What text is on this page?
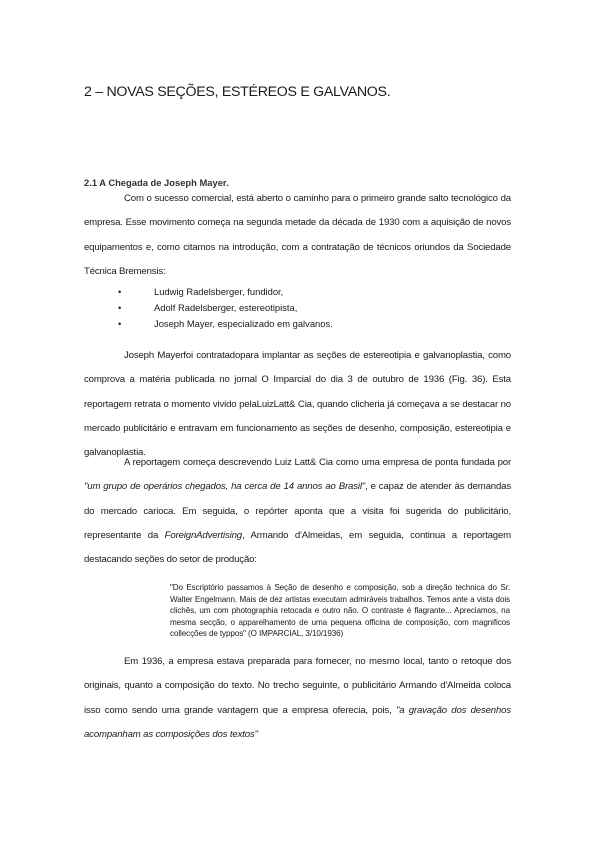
2 – NOVAS SEÇÕES, ESTÉREOS E GALVANOS.
2.1 A Chegada de Joseph Mayer.
Com o sucesso comercial, está aberto o caminho para o primeiro grande salto tecnológico da empresa. Esse movimento começa na segunda metade da década de 1930 com a aquisição de novos equipamentos e, como citamos na introdução, com a contratação de técnicos oriundos da Sociedade Técnica Bremensis:
•	Ludwig Radelsberger, fundidor,
•	Adolf Radelsberger, estereotipista,
•	Joseph Mayer, especializado em galvanos.
Joseph Mayerfoi contratadopara implantar as seções de estereotipia e galvanoplastia, como comprova a matéria publicada no jornal O Imparcial do dia 3 de outubro de 1936 (Fig. 36). Esta reportagem retrata o momento vivido pelaLuizLatt& Cia, quando clicheria já começava a se destacar no mercado publicitário e entravam em funcionamento as seções de desenho, composição, estereotipia e galvanoplastia.
A reportagem começa descrevendo Luiz Latt& Cia como uma empresa de ponta fundada por "um grupo de operários chegados, ha cerca de 14 annos ao Brasil", e capaz de atender às demandas do mercado carioca. Em seguida, o repórter aponta que a visita foi sugerida do publicitário, representante da ForeignAdvertising, Armando d'Almeidas, em seguida, continua a reportagem destacando seções do setor de produção:
"Do Escriptório passamos à Seção de desenho e composição, sob a direção technica do Sr. Walter Engelmann. Mais de dez artistas executam admiráveis trabalhos. Temos ante a vista dois clichês, um com photographia retocada e outro não. O contraste é flagrante... Apreciamos, na mesma secção, o apparelhamento de uma pequena officina de composição, com magnificos collecções de typpos" (O IMPARCIAL, 3/10/1936)
Em 1936, a empresa estava preparada para fornecer, no mesmo local, tanto o retoque dos originais, quanto a composição do texto. No trecho seguinte, o publicitário Armando d'Almeida coloca isso como sendo uma grande vantagem que a empresa oferecia, pois, "a gravação dos desenhos acompanham as composições dos textos"
